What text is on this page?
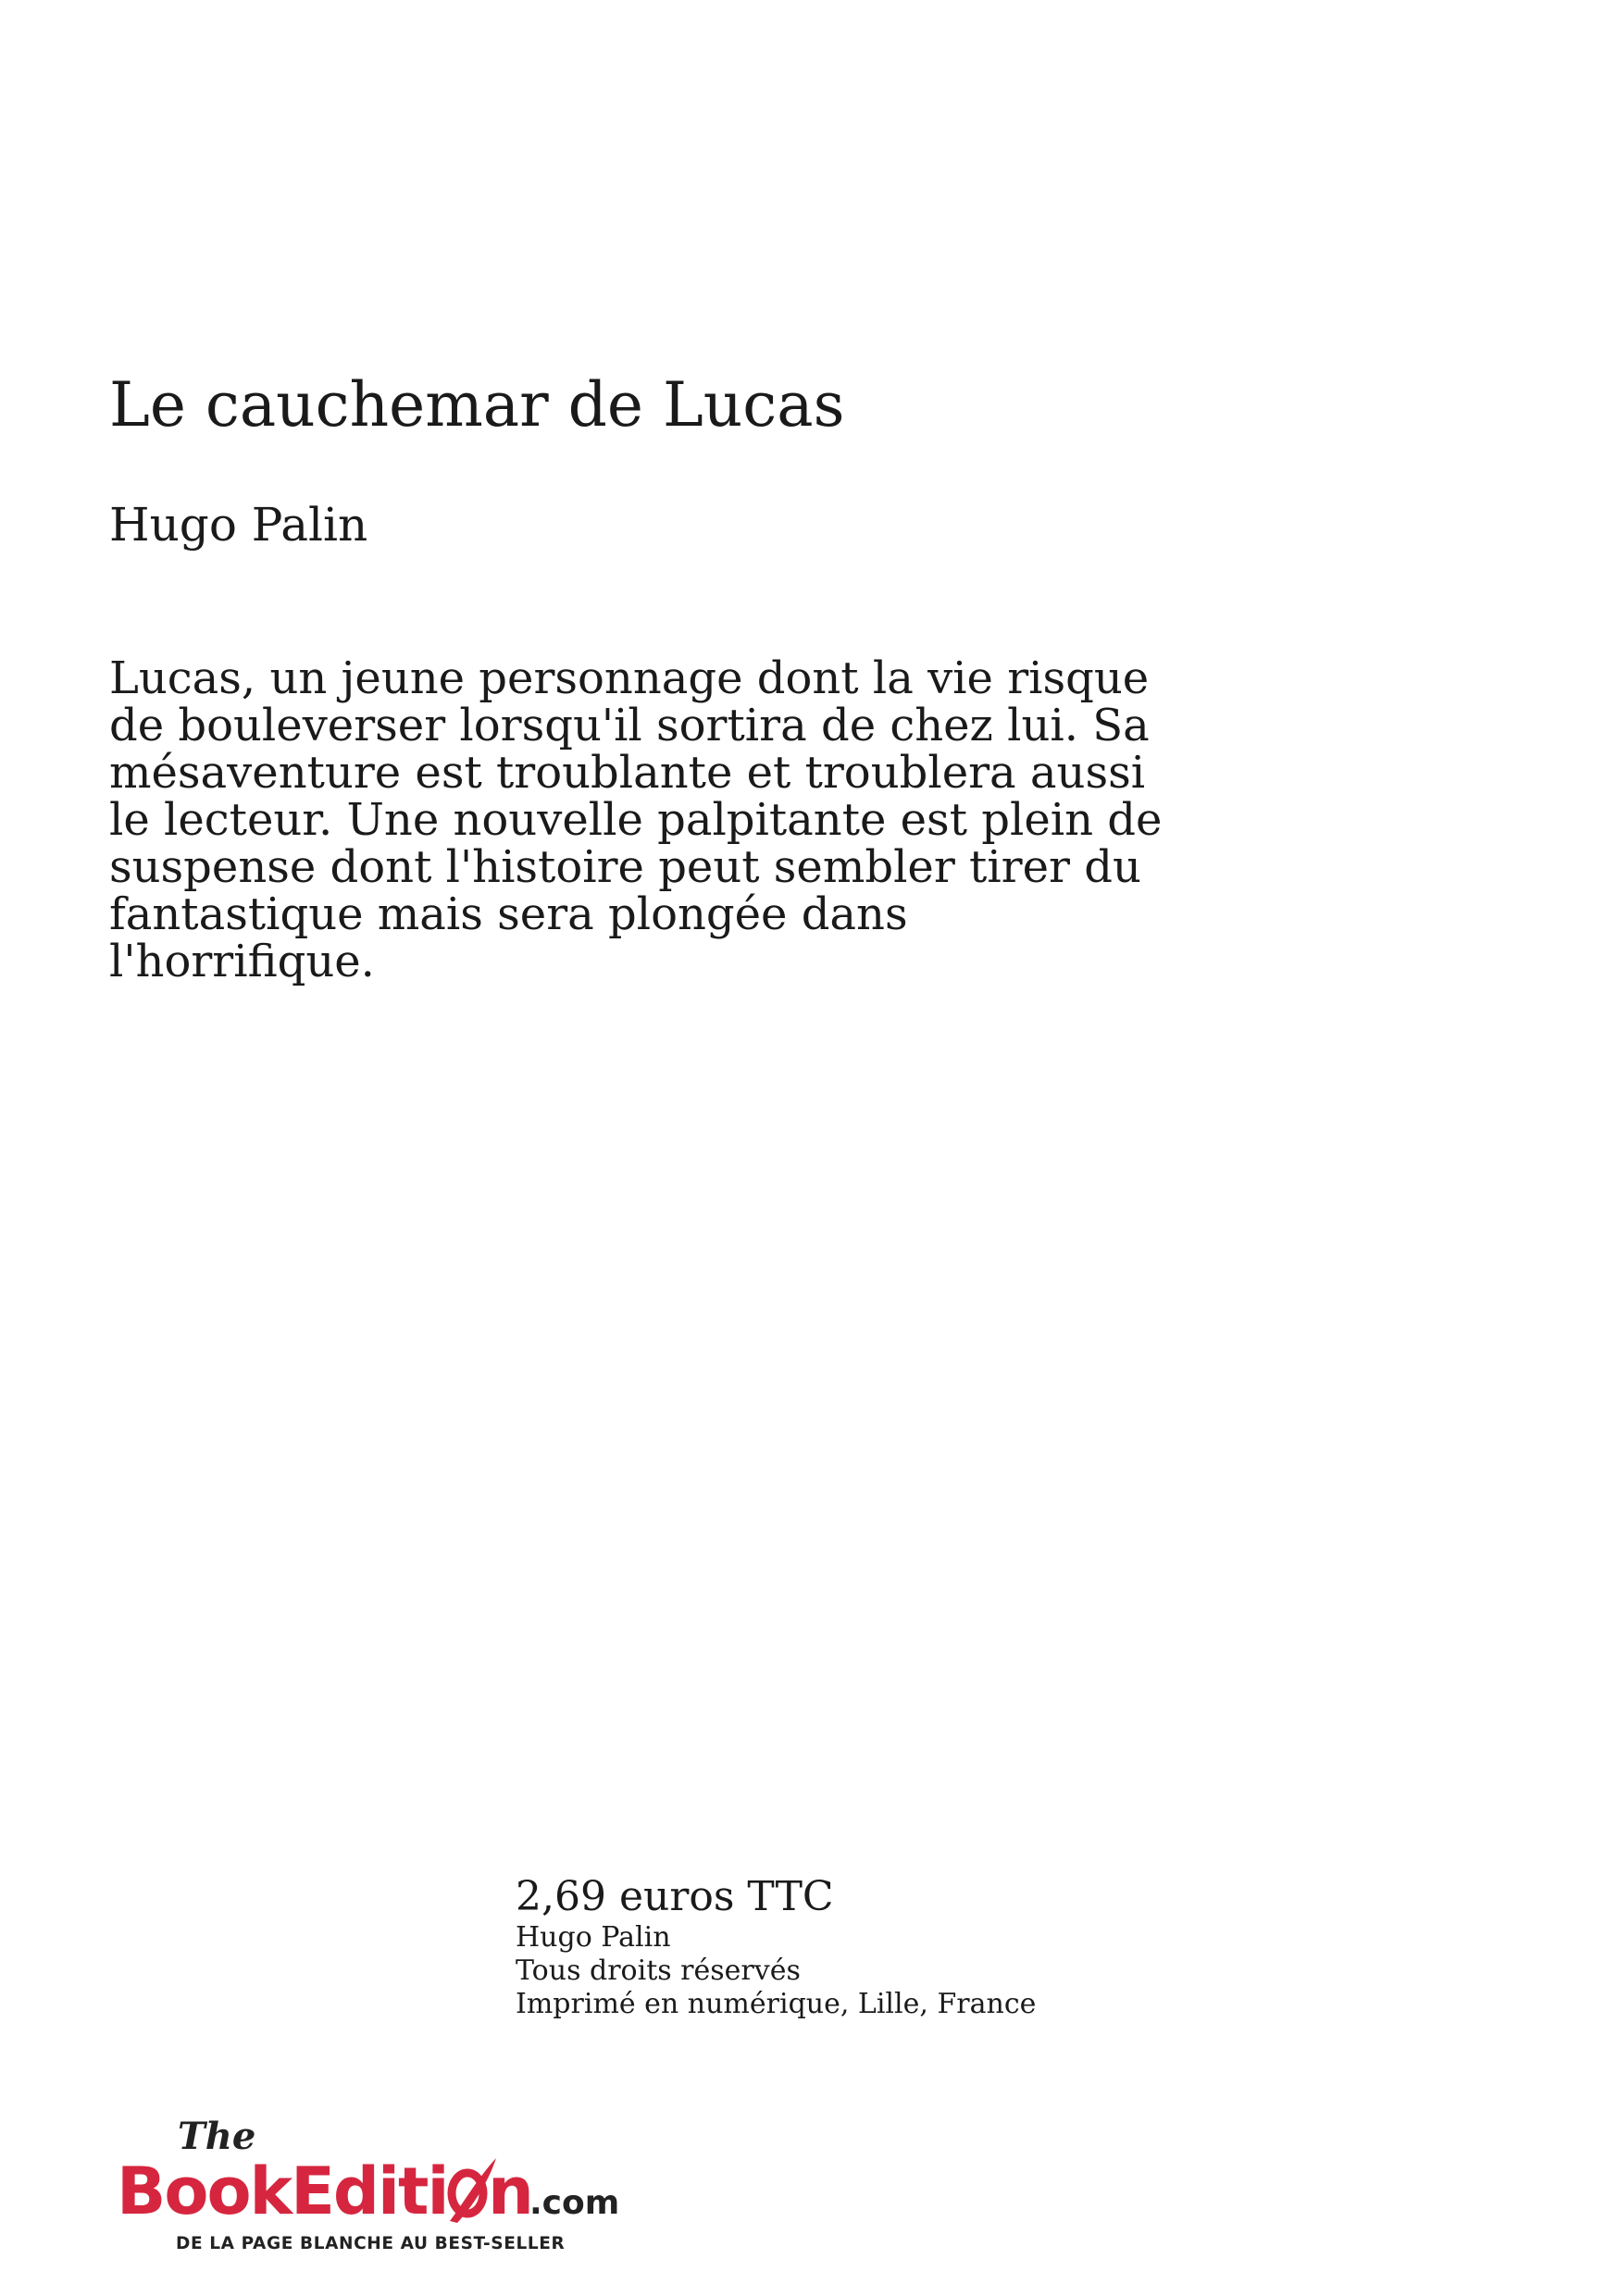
Le cauchemar de Lucas
Hugo Palin
Lucas, un jeune personnage dont la vie risque
de bouleverser lorsqu'il sortira de chez lui. Sa
mésaventure est troublante et troublera aussi
le lecteur. Une nouvelle palpitante est plein de
suspense dont l'histoire peut sembler tirer du
fantastique mais sera plongée dans
l'horrifique.
2,69 euros TTC
Hugo Palin
Tous droits réservés
Imprimé en numérique, Lille, France
The
BookEditi n
.com
DE LA PAGE BLANCHE AU BEST-SELLER
